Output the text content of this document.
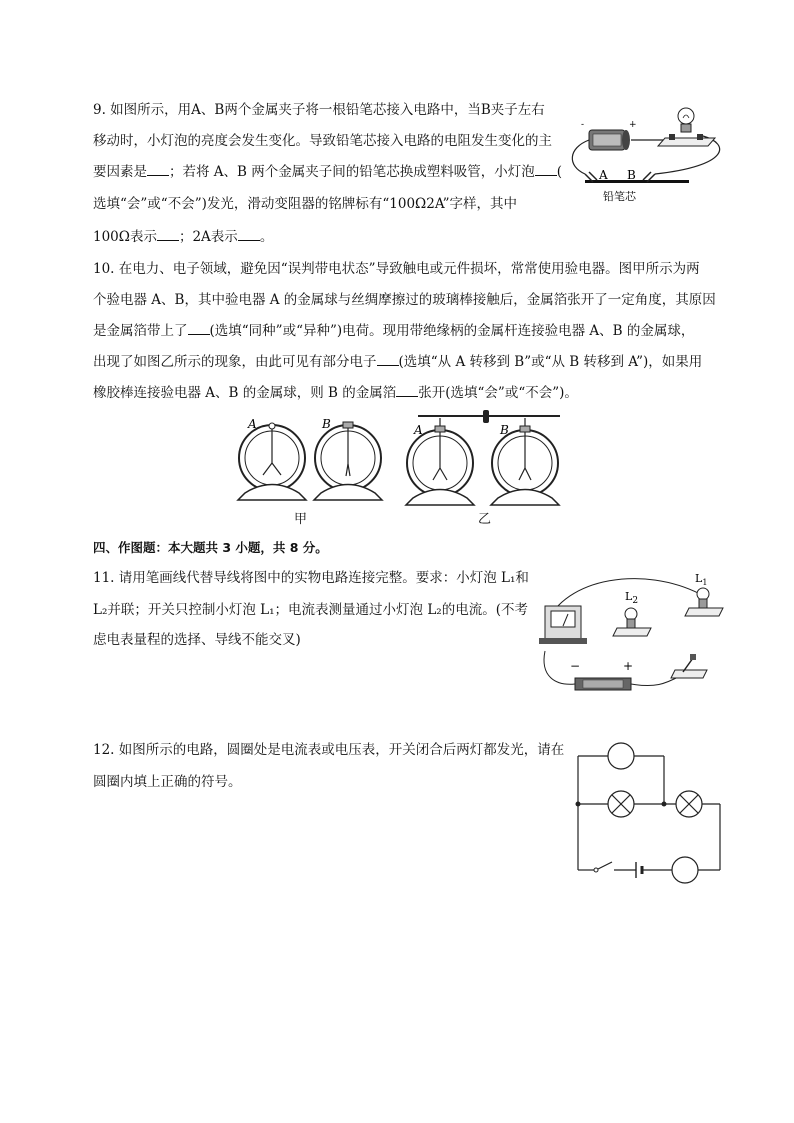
9. 如图所示，用A、B两个金属夹子将一根铅笔芯接入电路中，当B夹子左右

移动时，小灯泡的亮度会发生变化。导致铅笔芯接入电路的电阻发生变化的主

要因素是 ；若将 A、B 两个金属夹子间的铅笔芯换成塑料吸管，小灯泡 (

选填“会”或“不会”)发光，滑动变阻器的铭牌标有“100Ω2A”字样，其中

100Ω表示 ；2A表示 。

-	+
A B
铅笔芯

10. 在电力、电子领域，避免因“误判带电状态”导致触电或元件损坏，常常使用验电器。图甲所示为两

个验电器 A、B，其中验电器 A 的金属球与丝绸摩擦过的玻璃棒接触后，金属箔张开了一定角度，其原因

是金属箔带上了 (选填“同种”或“异种”)电荷。现用带绝缘柄的金属杆连接验电器 A、B 的金属球，

出现了如图乙所示的现象，由此可见有部分电子 (选填“从 A 转移到 B”或“从 B 转移到 A”)，如果用

橡胶棒连接验电器 A、B 的金属球，则 B 的金属箔 张开(选填“会”或“不会”)。

A	B	A	B
甲	乙
四、作图题：本大题共 3 小题，共 8 分。

11. 请用笔画线代替导线将图中的实物电路连接完整。要求：小灯泡 L₁和

L₂并联；开关只控制小灯泡 L₁；电流表测量通过小灯泡 L₂的电流。(不考

虑电表量程的选择、导线不能交叉)

$L_2$
$L_1$
−	+

12. 如图所示的电路，圆圈处是电流表或电压表，开关闭合后两灯都发光，请在

圆圈内填上正确的符号。
